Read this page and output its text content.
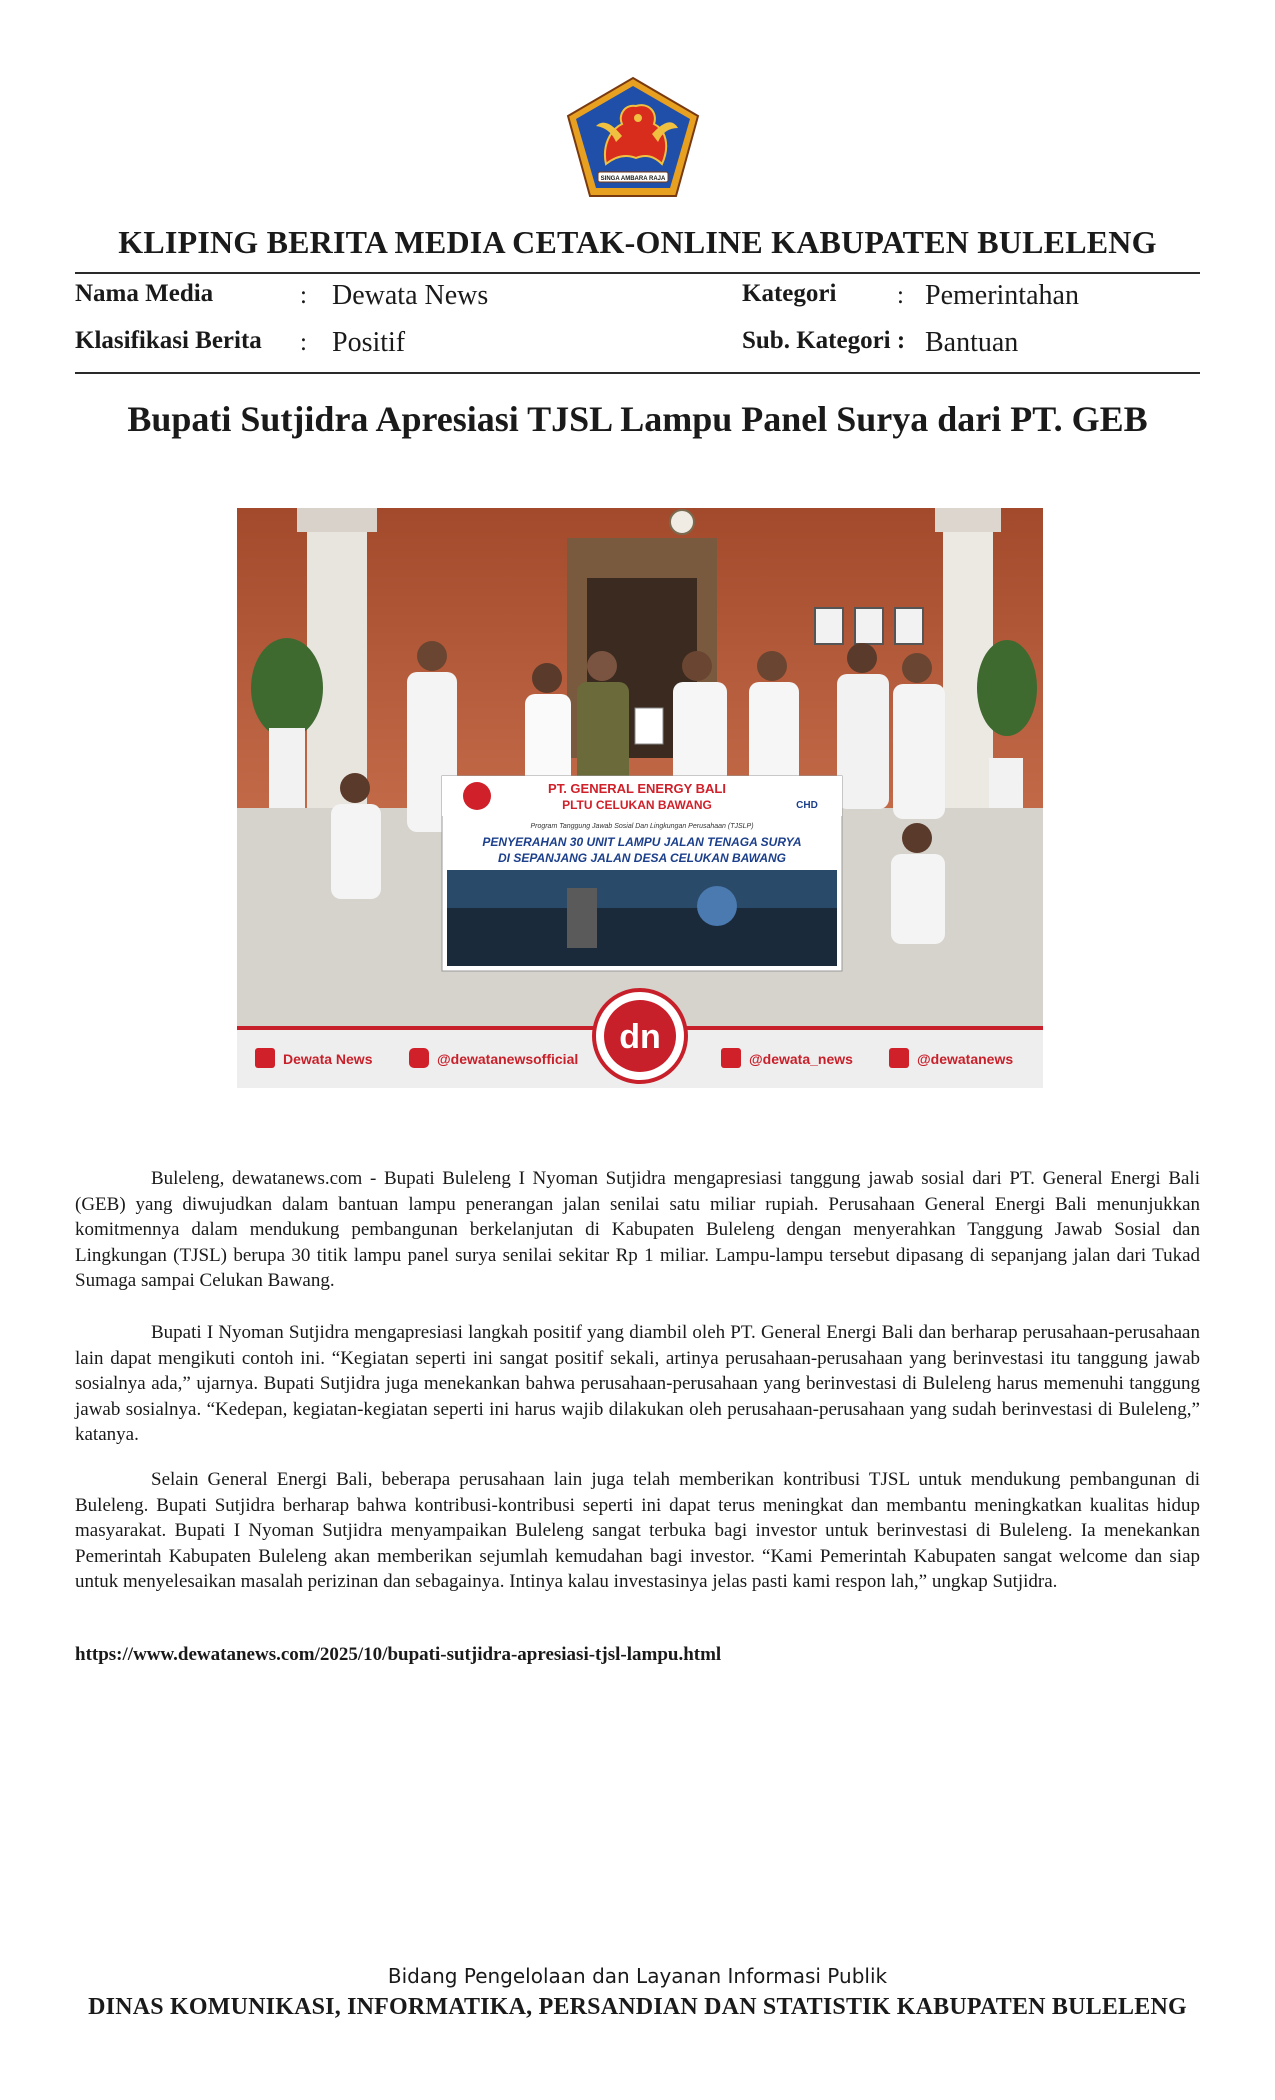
SINGA AMBARA RAJA
KLIPING BERITA MEDIA CETAK-ONLINE KABUPATEN BULELENG
Nama Media	: Dewata News
Klasifikasi Berita : Positif
Kategori : Pemerintahan
Sub. Kategori : Bantuan
Bupati Sutjidra Apresiasi TJSL Lampu Panel Surya dari PT. GEB
PT. GENERAL ENERGY BALI
PLTU CELUKAN BAWANG	CHD
Program Tanggung Jawab Sosial Dan Lingkungan Perusahaan (TJSLP)
PENYERAHAN 30 UNIT LAMPU JALAN TENAGA SURYA
DI SEPANJANG JALAN DESA CELUKAN BAWANG
Dewata News	@dewatanewsofficial	@dewata_news	@dewatanews
dn

Buleleng, dewatanews.com - Bupati Buleleng I Nyoman Sutjidra mengapresiasi tanggung jawab sosial dari PT. General Energi Bali (GEB) yang diwujudkan dalam bantuan lampu penerangan jalan senilai satu miliar rupiah. Perusahaan General Energi Bali menunjukkan komitmennya dalam mendukung pembangunan berkelanjutan di Kabupaten Buleleng dengan menyerahkan Tanggung Jawab Sosial dan Lingkungan (TJSL) berupa 30 titik lampu panel surya senilai sekitar Rp 1 miliar. Lampu-lampu tersebut dipasang di sepanjang jalan dari Tukad Sumaga sampai Celukan Bawang.

Bupati I Nyoman Sutjidra mengapresiasi langkah positif yang diambil oleh PT. General Energi Bali dan berharap perusahaan-perusahaan lain dapat mengikuti contoh ini. “Kegiatan seperti ini sangat positif sekali, artinya perusahaan-perusahaan yang berinvestasi itu tanggung jawab sosialnya ada,” ujarnya. Bupati Sutjidra juga menekankan bahwa perusahaan-perusahaan yang berinvestasi di Buleleng harus memenuhi tanggung jawab sosialnya. “Kedepan, kegiatan-kegiatan seperti ini harus wajib dilakukan oleh perusahaan-perusahaan yang sudah berinvestasi di Buleleng,” katanya.

Selain General Energi Bali, beberapa perusahaan lain juga telah memberikan kontribusi TJSL untuk mendukung pembangunan di Buleleng. Bupati Sutjidra berharap bahwa kontribusi-kontribusi seperti ini dapat terus meningkat dan membantu meningkatkan kualitas hidup masyarakat. Bupati I Nyoman Sutjidra menyampaikan Buleleng sangat terbuka bagi investor untuk berinvestasi di Buleleng. Ia menekankan Pemerintah Kabupaten Buleleng akan memberikan sejumlah kemudahan bagi investor. “Kami Pemerintah Kabupaten sangat welcome dan siap untuk menyelesaikan masalah perizinan dan sebagainya. Intinya kalau investasinya jelas pasti kami respon lah,” ungkap Sutjidra.

https://www.dewatanews.com/2025/10/bupati-sutjidra-apresiasi-tjsl-lampu.html
Bidang Pengelolaan dan Layanan Informasi Publik
DINAS KOMUNIKASI, INFORMATIKA, PERSANDIAN DAN STATISTIK KABUPATEN BULELENG
